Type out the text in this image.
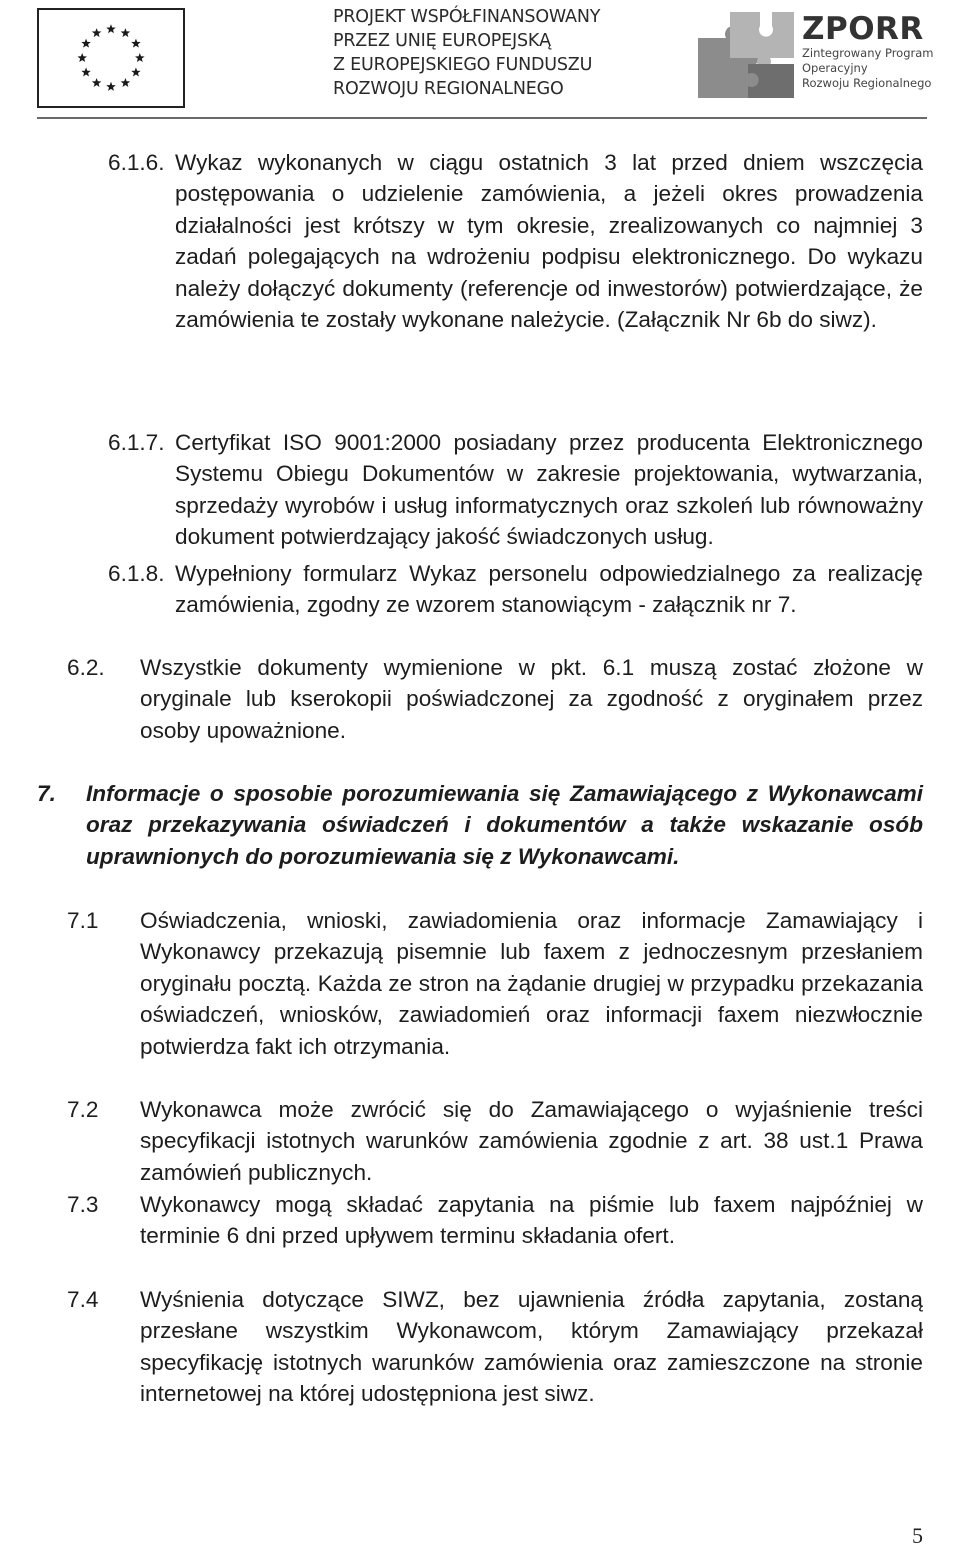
PROJEKT WSPÓŁFINANSOWANY
PRZEZ UNIĘ EUROPEJSKĄ
Z EUROPEJSKIEGO FUNDUSZU
ROZWOJU REGIONALNEGO
ZPORR
Zintegrowany Program
Operacyjny
Rozwoju Regionalnego
6.1.6. Wykaz wykonanych w ciągu ostatnich 3 lat przed dniem wszczęcia postępowania o udzielenie zamówienia, a jeżeli okres prowadzenia działalności jest krótszy w tym okresie, zrealizowanych co najmniej 3 zadań polegających na wdrożeniu podpisu elektronicznego. Do wykazu należy dołączyć dokumenty (referencje od inwestorów) potwierdzające, że zamówienia te zostały wykonane należycie. (Załącznik Nr 6b do siwz).
6.1.7. Certyfikat ISO 9001:2000 posiadany przez producenta Elektronicznego Systemu Obiegu Dokumentów w zakresie projektowania, wytwarzania, sprzedaży wyrobów i usług informatycznych oraz szkoleń lub równoważny dokument potwierdzający jakość świadczonych usług.
6.1.8. Wypełniony formularz Wykaz personelu odpowiedzialnego za realizację zamówienia, zgodny ze wzorem stanowiącym - załącznik nr 7.
6.2. Wszystkie dokumenty wymienione w pkt. 6.1 muszą zostać złożone w oryginale lub kserokopii poświadczonej za zgodność z oryginałem przez osoby upoważnione.
7. Informacje o sposobie porozumiewania się Zamawiającego z Wykonawcami oraz przekazywania oświadczeń i dokumentów a także wskazanie osób uprawnionych do porozumiewania się z Wykonawcami.
7.1 Oświadczenia, wnioski, zawiadomienia oraz informacje Zamawiający i Wykonawcy przekazują pisemnie lub faxem z jednoczesnym przesłaniem oryginału pocztą. Każda ze stron na żądanie drugiej w przypadku przekazania oświadczeń, wniosków, zawiadomień oraz informacji faxem niezwłocznie potwierdza fakt ich otrzymania.
7.2 Wykonawca może zwrócić się do Zamawiającego o wyjaśnienie treści specyfikacji istotnych warunków zamówienia zgodnie z art. 38 ust.1 Prawa zamówień publicznych.
7.3 Wykonawcy mogą składać zapytania na piśmie lub faxem najpóźniej w terminie 6 dni przed upływem terminu składania ofert.
7.4 Wyśnienia dotyczące SIWZ, bez ujawnienia źródła zapytania, zostaną przesłane wszystkim Wykonawcom, którym Zamawiający przekazał specyfikację istotnych warunków zamówienia oraz zamieszczone na stronie internetowej na której udostępniona jest siwz.
5
